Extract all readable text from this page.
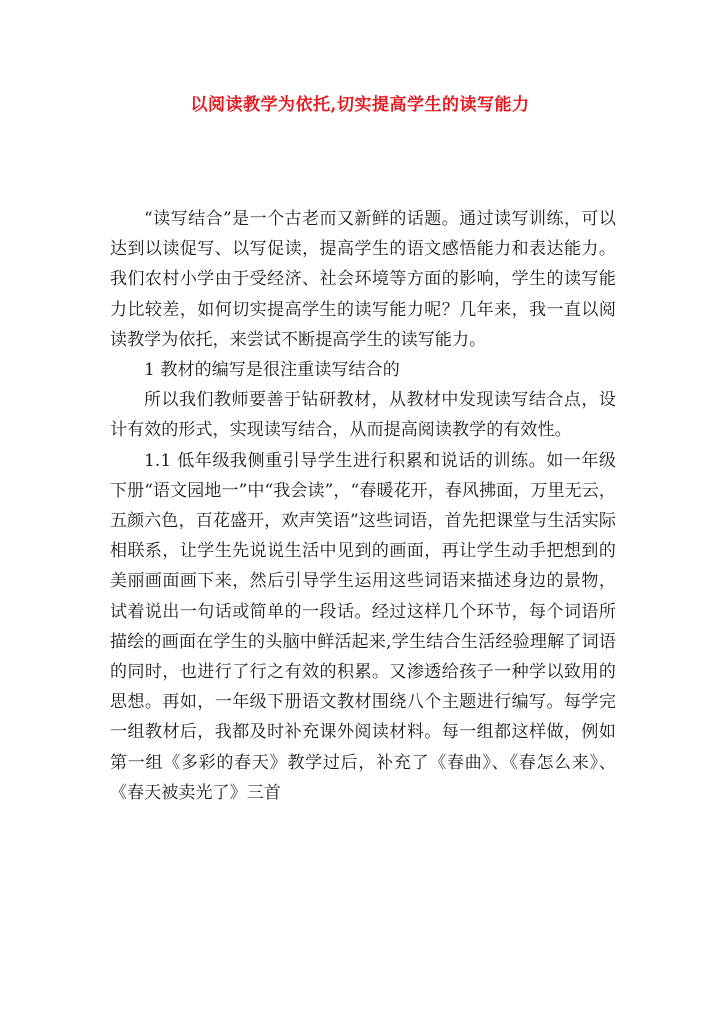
以阅读教学为依托,切实提高学生的读写能力

“读写结合”是一个古老而又新鲜的话题。通过读写训练，可以达到以读促写、以写促读，提高学生的语文感悟能力和表达能力。我们农村小学由于受经济、社会环境等方面的影响，学生的读写能力比较差，如何切实提高学生的读写能力呢？几年来，我一直以阅读教学为依托，来尝试不断提高学生的读写能力。

1 教材的编写是很注重读写结合的

所以我们教师要善于钻研教材，从教材中发现读写结合点，设计有效的形式，实现读写结合，从而提高阅读教学的有效性。

1.1 低年级我侧重引导学生进行积累和说话的训练。如一年级下册“语文园地一”中“我会读”，“春暖花开，春风拂面，万里无云，五颜六色，百花盛开，欢声笑语”这些词语，首先把课堂与生活实际相联系，让学生先说说生活中见到的画面，再让学生动手把想到的美丽画面画下来，然后引导学生运用这些词语来描述身边的景物，试着说出一句话或简单的一段话。经过这样几个环节，每个词语所描绘的画面在学生的头脑中鲜活起来,学生结合生活经验理解了词语的同时，也进行了行之有效的积累。又渗透给孩子一种学以致用的思想。再如，一年级下册语文教材围绕八个主题进行编写。每学完一组教材后，我都及时补充课外阅读材料。每一组都这样做，例如第一组《多彩的春天》教学过后，补充了《春曲》、《春怎么来》、《春天被卖光了》三首
